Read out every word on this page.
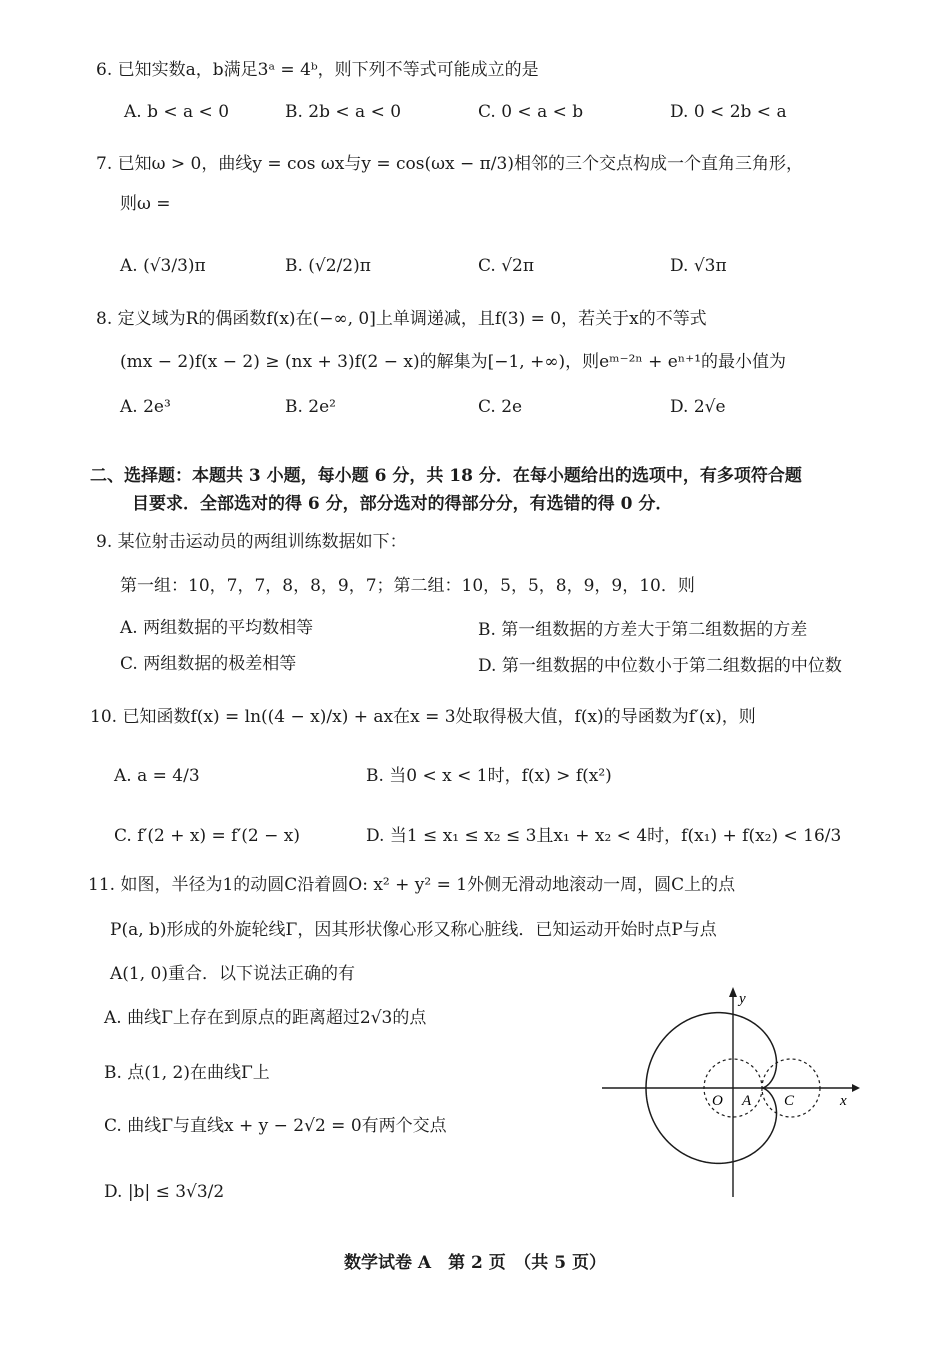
6. 已知实数a，b满足3ᵃ = 4ᵇ，则下列不等式可能成立的是
A. b < a < 0	B. 2b < a < 0	C. 0 < a < b	D. 0 < 2b < a
7. 已知ω > 0，曲线y = cos ωx与y = cos(ωx − π/3)相邻的三个交点构成一个直角三角形，
则ω =
A. (√3/3)π	B. (√2/2)π	C. √2π	D. √3π
8. 定义域为R的偶函数f(x)在(−∞, 0]上单调递减，且f(3) = 0，若关于x的不等式
(mx − 2)f(x − 2) ≥ (nx + 3)f(2 − x)的解集为[−1, +∞)，则eᵐ⁻²ⁿ + eⁿ⁺¹的最小值为
A. 2e³	B. 2e²	C. 2e	D. 2√e
二、选择题：本题共 3 小题，每小题 6 分，共 18 分．在每小题给出的选项中，有多项符合题
目要求．全部选对的得 6 分，部分选对的得部分分，有选错的得 0 分．
9. 某位射击运动员的两组训练数据如下：
第一组：10，7，7，8，8，9，7；第二组：10，5，5，8，9，9，10．则
A. 两组数据的平均数相等	B. 第一组数据的方差大于第二组数据的方差
C. 两组数据的极差相等	D. 第一组数据的中位数小于第二组数据的中位数
10. 已知函数f(x) = ln((4 − x)/x) + ax在x = 3处取得极大值，f(x)的导函数为f′(x)，则
A. a = 4/3	B. 当0 < x < 1时，f(x) > f(x²)
C. f′(2 + x) = f′(2 − x)	D. 当1 ≤ x₁ ≤ x₂ ≤ 3且x₁ + x₂ < 4时，f(x₁) + f(x₂) < 16/3
11. 如图，半径为1的动圆C沿着圆O: x² + y² = 1外侧无滑动地滚动一周，圆C上的点
P(a, b)形成的外旋轮线Γ，因其形状像心形又称心脏线．已知运动开始时点P与点
A(1, 0)重合．以下说法正确的有
A. 曲线Γ上存在到原点的距离超过2√3的点
B. 点(1, 2)在曲线Γ上
C. 曲线Γ与直线x + y − 2√2 = 0有两个交点
D. |b| ≤ 3√3/2
y
x
O A C
数学试卷 A　第 2 页　（共 5 页）
